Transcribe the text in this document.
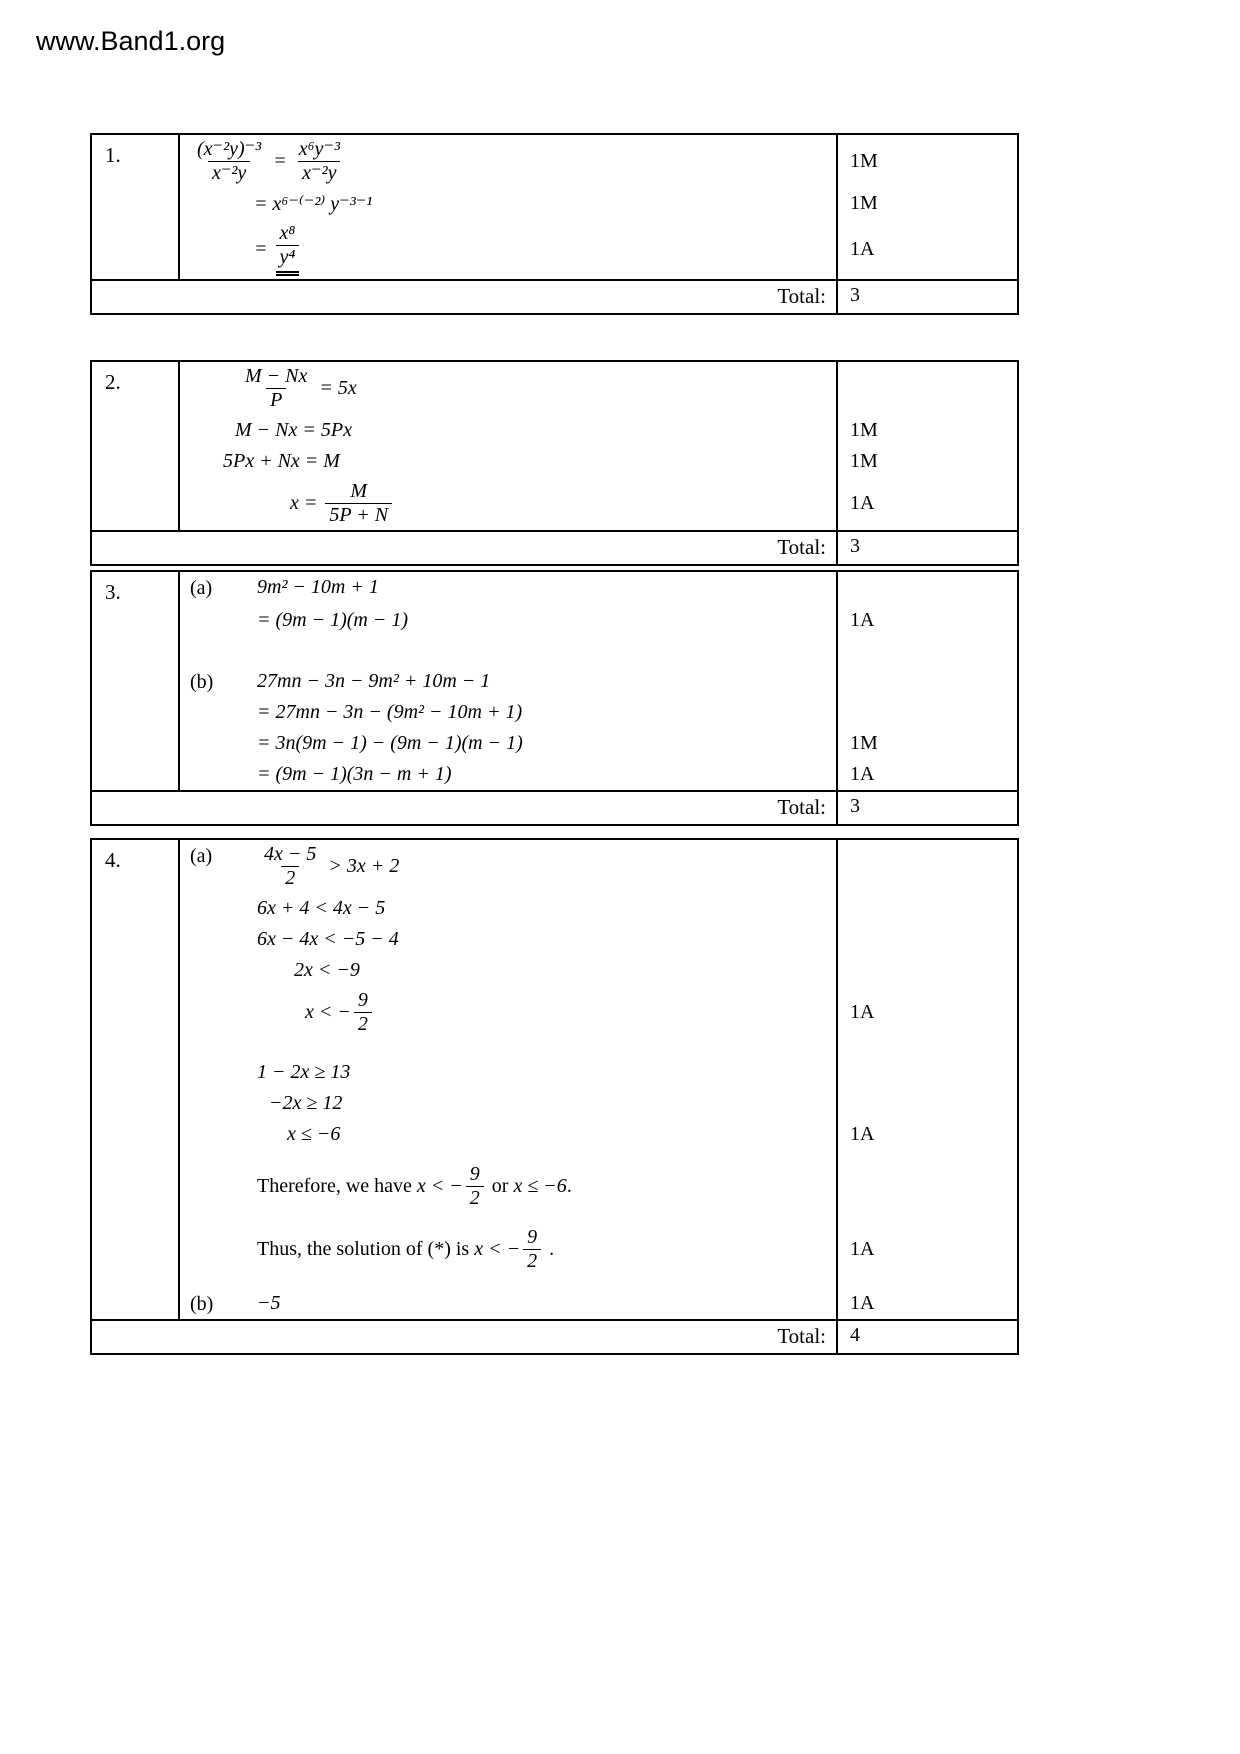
www.Band1.org
1.	$\frac{\text{(x⁻²y)⁻³}}{\text{x⁻²y}} = \frac{\text{x⁶y⁻³}}{\text{x⁻²y}}$	1M
= x⁶⁻⁽⁻²⁾ y⁻³⁻¹	1M
= $\frac{\text{x⁸}}{\text{y⁴}}$	1A
Total:	3
2.	$\frac{M - Nx}{P} = 5x$
M − Nx = 5Px	1M
5Px + Nx = M	1M
$x = \frac{M}{5P + N}$	1A
Total:	3
3.	(a)	9m² − 10m + 1
= (9m − 1)(m − 1)	1A
(b)	27mn − 3n − 9m² + 10m − 1
= 27mn − 3n − (9m² − 10m + 1)
= 3n(9m − 1) − (9m − 1)(m − 1)	1M
= (9m − 1)(3n − m + 1)	1A
Total:	3
4.	(a)	$\frac{4x - 5}{2} > 3x + 2$
6x + 4 < 4x − 5
6x − 4x < −5 − 4
2x < −9
x < − $\frac{9}{2}$	1A
1 − 2x ≥ 13
−2x ≥ 12
x ≤ −6	1A
Therefore, we have x < − $\frac{9}{2}$ or x ≤ −6 .
Thus, the solution of (*) is x < − $\frac{9}{2}$ .	1A
(b)	−5	1A
Total:	4
